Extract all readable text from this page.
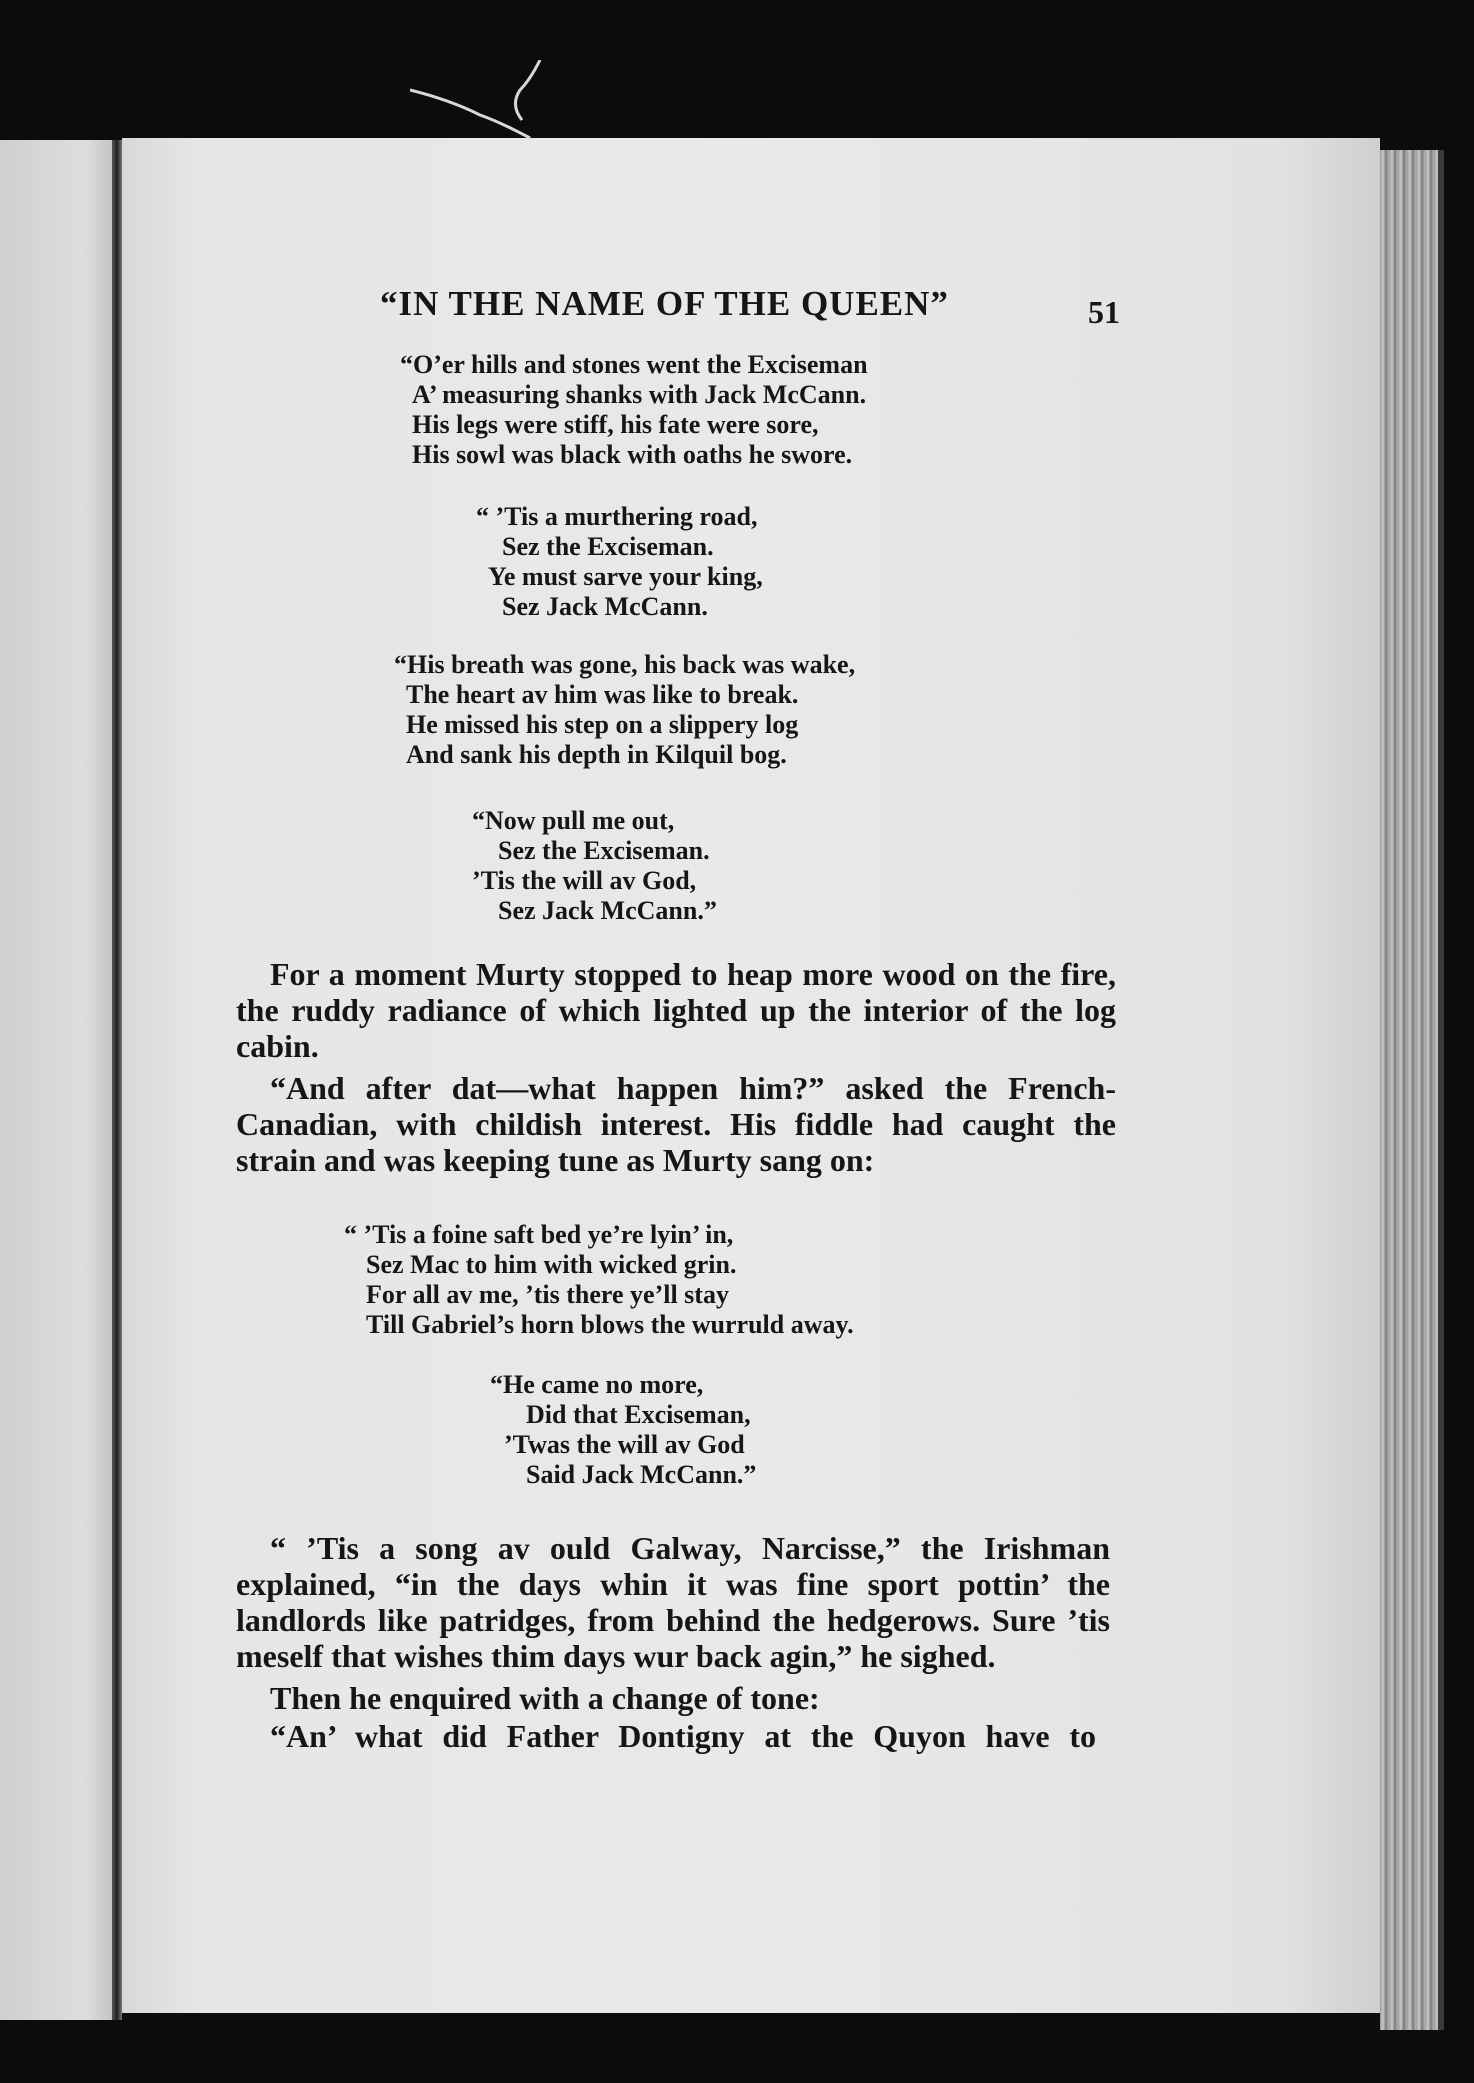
“IN THE NAME OF THE QUEEN”	51
“O’er hills and stones went the Exciseman
A’ measuring shanks with Jack McCann.
His legs were stiff, his fate were sore,
His sowl was black with oaths he swore.
“ ’Tis a murthering road,
Sez the Exciseman.
Ye must sarve your king,
Sez Jack McCann.
“His breath was gone, his back was wake,
The heart av him was like to break.
He missed his step on a slippery log
And sank his depth in Kilquil bog.
“Now pull me out,
Sez the Exciseman.
’Tis the will av God,
Sez Jack McCann.”

For a moment Murty stopped to heap more wood on the fire, the ruddy radiance of which lighted up the interior of the log cabin.

“And after dat—what happen him?” asked the French-Canadian, with childish interest. His fiddle had caught the strain and was keeping tune as Murty sang on:

“ ’Tis a foine saft bed ye’re lyin’ in,
Sez Mac to him with wicked grin.
For all av me, ’tis there ye’ll stay
Till Gabriel’s horn blows the wurruld away.
“He came no more,
Did that Exciseman,
’Twas the will av God
Said Jack McCann.”

“ ’Tis a song av ould Galway, Narcisse,” the Irishman explained, “in the days whin it was fine sport pottin’ the landlords like patridges, from behind the hedgerows. Sure ’tis meself that wishes thim days wur back agin,” he sighed.

Then he enquired with a change of tone:

“An’ what did Father Dontigny at the Quyon have to
